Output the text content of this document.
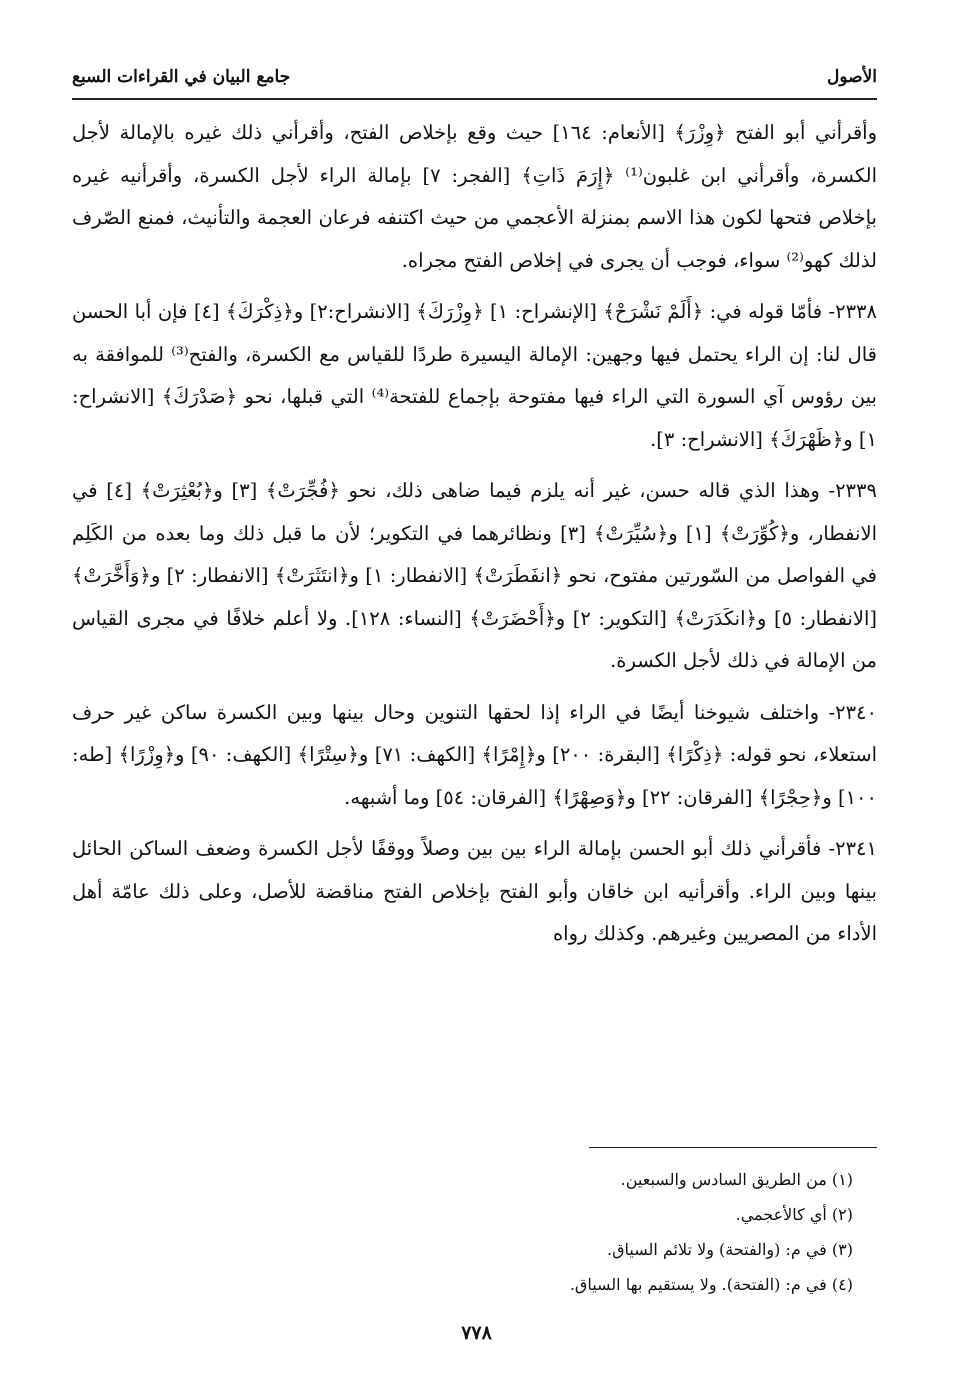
الأصول
جامع البيان في القراءات السبع

وأقرأني أبو الفتح ﴿وِزْرَ﴾ [الأنعام: ١٦٤] حيث وقع بإخلاص الفتح، وأقرأني ذلك غيره بالإمالة لأجل الكسرة، وأقرأني ابن غلبون⁽¹⁾ ﴿إِرَمَ ذَاتِ﴾ [الفجر: ٧] بإمالة الراء لأجل الكسرة، وأقرأنيه غيره بإخلاص فتحها لكون هذا الاسم بمنزلة الأعجمي من حيث اكتنفه فرعان العجمة والتأنيث، فمنع الصّرف لذلك كهو⁽²⁾ سواء، فوجب أن يجرى في إخلاص الفتح مجراه.

٢٣٣٨- فأمّا قوله في: ﴿أَلَمْ نَشْرَحْ﴾ [الإنشراح: ١] ﴿وِزْرَكَ﴾ [الانشراح:٢] و﴿ذِكْرَكَ﴾ [٤] فإن أبا الحسن قال لنا: إن الراء يحتمل فيها وجهين: الإمالة اليسيرة طردًا للقياس مع الكسرة، والفتح⁽³⁾ للموافقة به بين رؤوس آي السورة التي الراء فيها مفتوحة بإجماع للفتحة⁽⁴⁾ التي قبلها، نحو ﴿صَدْرَكَ﴾ [الانشراح: ١] و﴿ظَهْرَكَ﴾ [الانشراح: ٣].

٢٣٣٩- وهذا الذي قاله حسن، غير أنه يلزم فيما ضاهى ذلك، نحو ﴿فُجِّرَتْ﴾ [٣] و﴿بُعْثِرَتْ﴾ [٤] في الانفطار، و﴿كُوِّرَتْ﴾ [١] و﴿سُيِّرَتْ﴾ [٣] ونظائرهما في التكوير؛ لأن ما قبل ذلك وما بعده من الكَلِم في الفواصل من السّورتين مفتوح، نحو ﴿انفَطَرَتْ﴾ [الانفطار: ١] و﴿انتَثَرَتْ﴾ [الانفطار: ٢] و﴿وَأَخَّرَتْ﴾ [الانفطار: ٥] و﴿انكَدَرَتْ﴾ [التكوير: ٢] و﴿أَحْضَرَتْ﴾ [النساء: ١٢٨]. ولا أعلم خلافًا في مجرى القياس من الإمالة في ذلك لأجل الكسرة.

٢٣٤٠- واختلف شيوخنا أيضًا في الراء إذا لحقها التنوين وحال بينها وبين الكسرة ساكن غير حرف استعلاء، نحو قوله: ﴿ذِكْرًا﴾ [البقرة: ٢٠٠] و﴿إِمْرًا﴾ [الكهف: ٧١] و﴿سِتْرًا﴾ [الكهف: ٩٠] و﴿وِزْرًا﴾ [طه: ١٠٠] و﴿حِجْرًا﴾ [الفرقان: ٢٢] و﴿وَصِهْرًا﴾ [الفرقان: ٥٤] وما أشبهه.

٢٣٤١- فأقرأني ذلك أبو الحسن بإمالة الراء بين بين وصلاً ووقفًا لأجل الكسرة وضعف الساكن الحائل بينها وبين الراء. وأقرأنيه ابن خاقان وأبو الفتح بإخلاص الفتح مناقضة للأصل، وعلى ذلك عامّة أهل الأداء من المصريين وغيرهم. وكذلك رواه

(١) من الطريق السادس والسبعين.

(٢) أي كالأعجمي.

(٣) في م: (والفتحة) ولا تلائم السياق.

(٤) في م: (الفتحة). ولا يستقيم بها السياق.

٧٧٨
